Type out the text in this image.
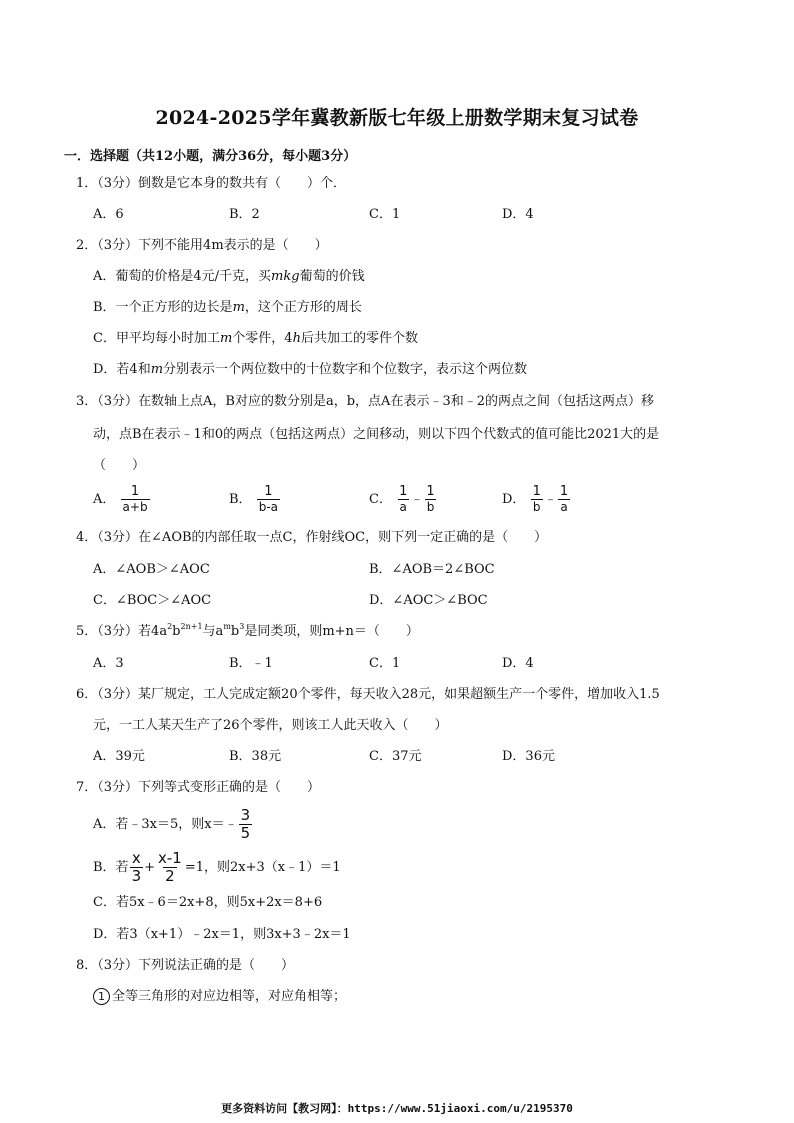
2024-2025学年冀教新版七年级上册数学期末复习试卷
一．选择题（共12小题，满分36分，每小题3分）
1．（3分）倒数是它本身的数共有（　　）个．
A．6	B．2	C．1	D．4
2．（3分）下列不能用4m表示的是（　　）
A．葡萄的价格是4元/千克，买mkg葡萄的价钱
B．一个正方形的边长是m，这个正方形的周长
C．甲平均每小时加工m个零件，4h后共加工的零件个数
D．若4和m分别表示一个两位数中的十位数字和个位数字，表示这个两位数
3．（3分）在数轴上点A，B对应的数分别是a，b，点A在表示﹣3和﹣2的两点之间（包括这两点）移
动，点B在表示﹣1和0的两点（包括这两点）之间移动，则以下四个代数式的值可能比2021大的是
（　　）
A． $\frac{1}{a+b}$	B． $\frac{1}{b-a}$	C． $\frac{1}{a}$ ﹣ $\frac{1}{b}$	D． $\frac{1}{b}$ ﹣ $\frac{1}{a}$
4．（3分）在∠AOB的内部任取一点C，作射线OC，则下列一定正确的是（　　）
A．∠AOB＞∠AOC	B．∠AOB＝2∠BOC
C．∠BOC＞∠AOC	D．∠AOC＞∠BOC
5．（3分）若$4a^2b^{2n+1}$与$a^mb^3$是同类项，则m+n＝（　　）
A．3	B．﹣1	C．1	D．4
6．（3分）某厂规定，工人完成定额20个零件，每天收入28元，如果超额生产一个零件，增加收入1.5
元，一工人某天生产了26个零件，则该工人此天收入（　　）
A．39元	B．38元	C．37元	D．36元
7．（3分）下列等式变形正确的是（　　）
A．若﹣3x＝5，则x＝﹣ $\frac{3}{5}$
B．若 $\frac{x}{3} + \frac{x-1}{2} =1$，则2x+3（x﹣1）＝1
C．若5x﹣6＝2x+8，则5x+2x＝8+6
D．若3（x+1）﹣2x＝1，则3x+3﹣2x＝1
8．（3分）下列说法正确的是（　　）
1 全等三角形的对应边相等，对应角相等；
更多资料访问【教习网】：https://www.51jiaoxi.com/u/2195370
